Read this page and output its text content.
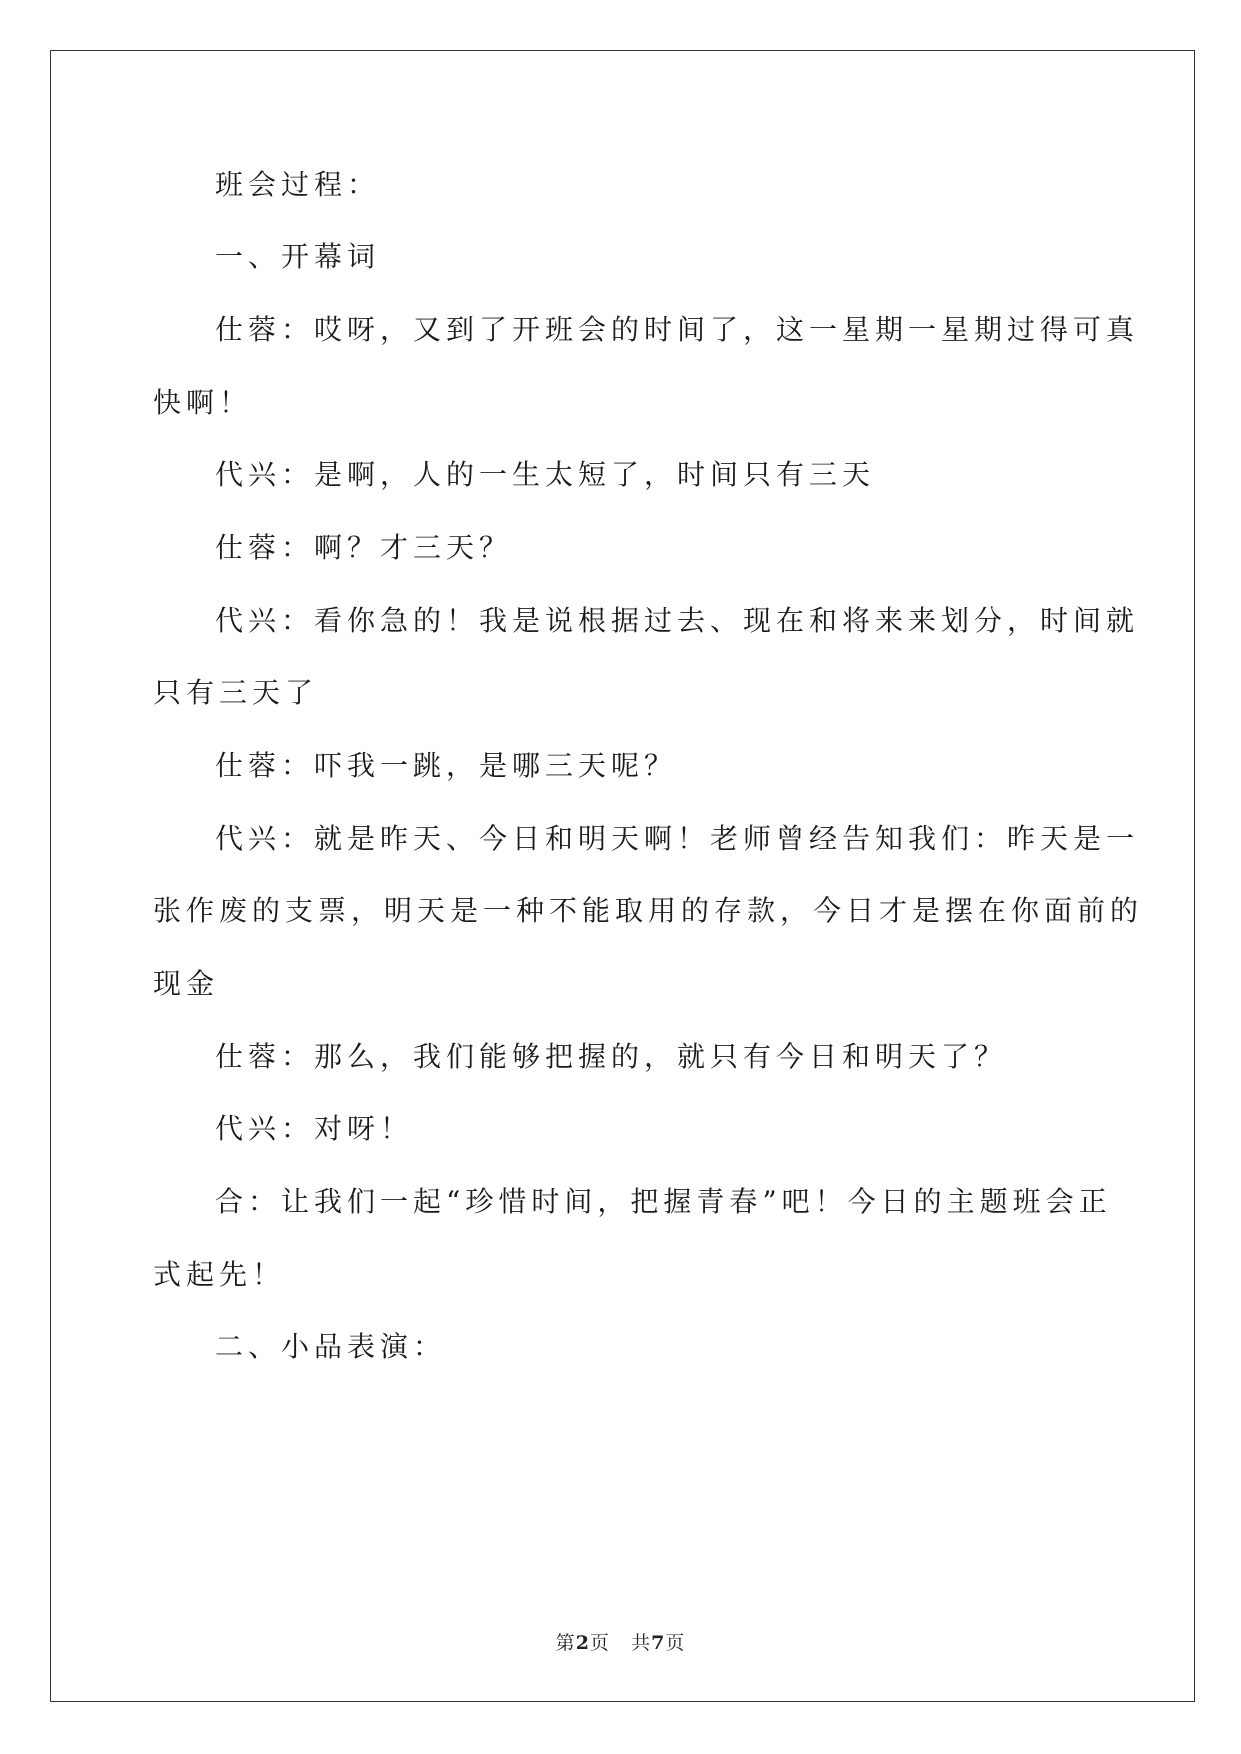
班会过程：
一、开幕词
仕蓉：哎呀，又到了开班会的时间了，这一星期一星期过得可真
快啊！
代兴：是啊，人的一生太短了，时间只有三天
仕蓉：啊？才三天？
代兴：看你急的！我是说根据过去、现在和将来来划分，时间就
只有三天了
仕蓉：吓我一跳，是哪三天呢？
代兴：就是昨天、今日和明天啊！老师曾经告知我们：昨天是一
张作废的支票，明天是一种不能取用的存款，今日才是摆在你面前的
现金
仕蓉：那么，我们能够把握的，就只有今日和明天了？
代兴：对呀！
合：让我们一起“珍惜时间，把握青春”吧！今日的主题班会正
式起先！
二、小品表演：
第2页 共7页
